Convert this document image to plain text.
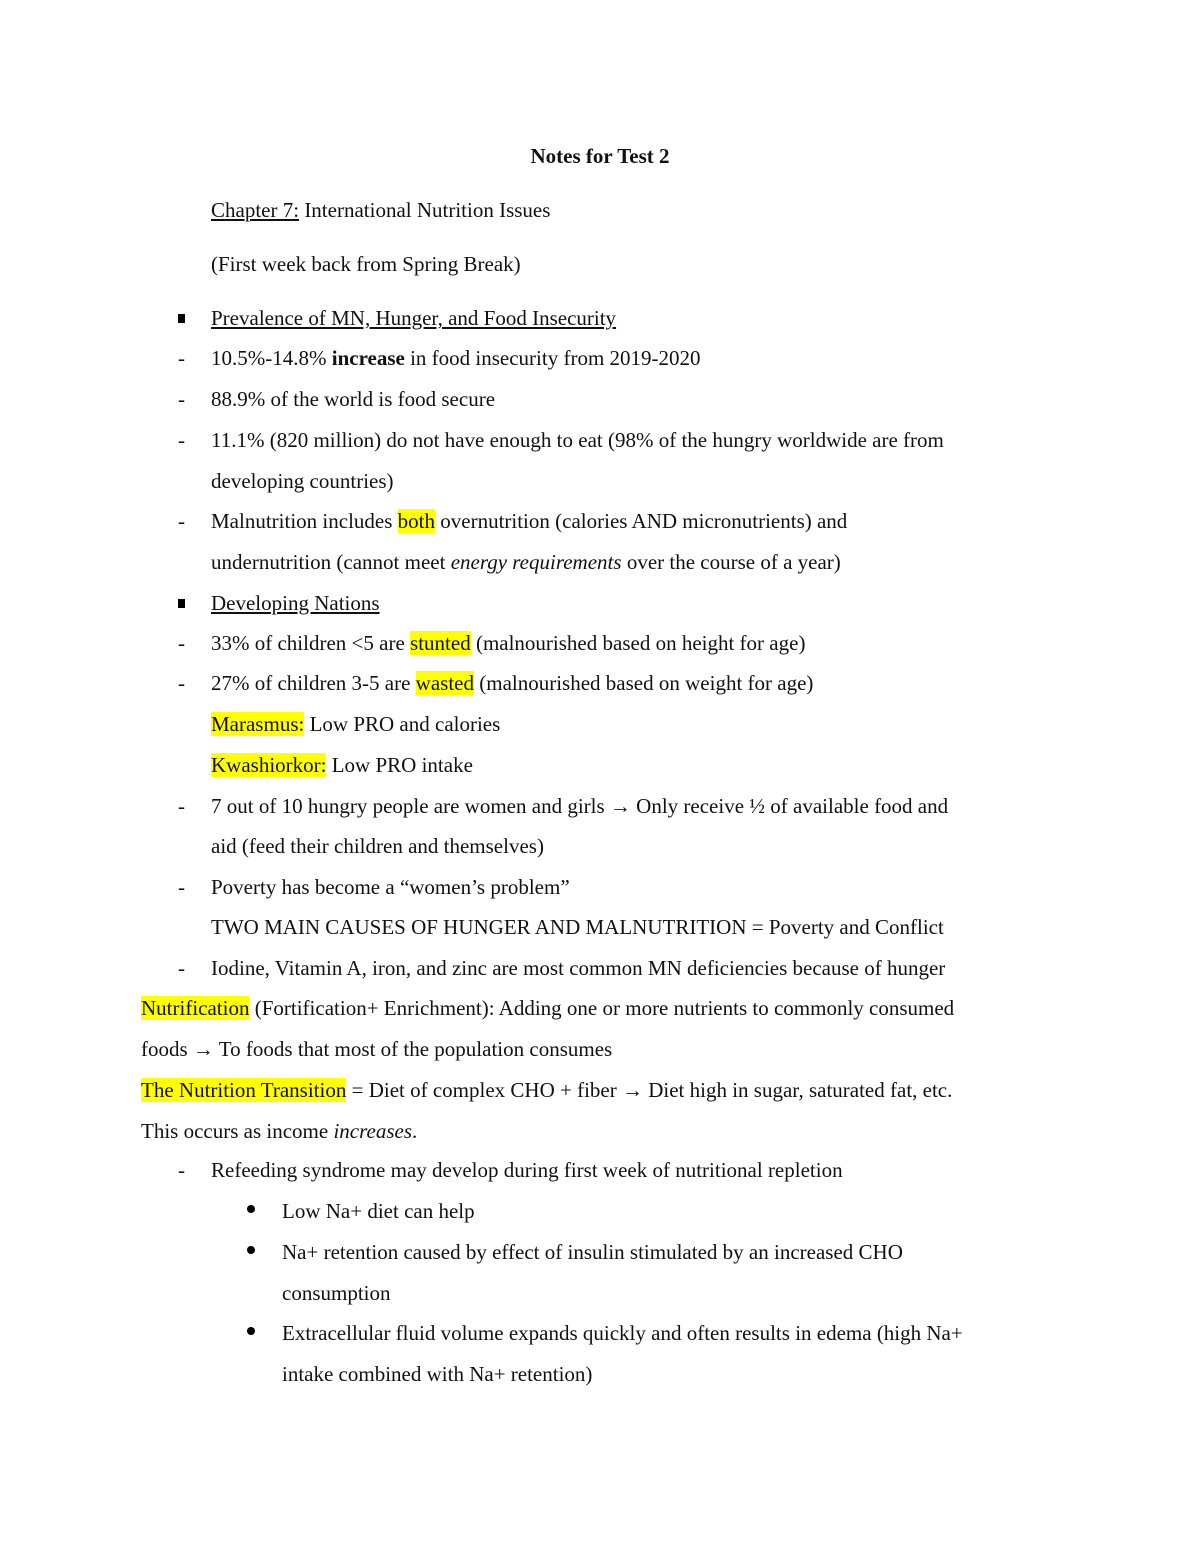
Notes for Test 2
Chapter 7: International Nutrition Issues
(First week back from Spring Break)
Prevalence of MN, Hunger, and Food Insecurity
- 10.5%-14.8% increase in food insecurity from 2019-2020
- 88.9% of the world is food secure
- 11.1% (820 million) do not have enough to eat (98% of the hungry worldwide are from
developing countries)
- Malnutrition includes both overnutrition (calories AND micronutrients) and
undernutrition (cannot meet energy requirements over the course of a year)
Developing Nations
- 33% of children <5 are stunted (malnourished based on height for age)
- 27% of children 3-5 are wasted (malnourished based on weight for age)
Marasmus: Low PRO and calories
Kwashiorkor: Low PRO intake
- 7 out of 10 hungry people are women and girls → Only receive ½ of available food and
aid (feed their children and themselves)
- Poverty has become a “women’s problem”
TWO MAIN CAUSES OF HUNGER AND MALNUTRITION = Poverty and Conflict
- Iodine, Vitamin A, iron, and zinc are most common MN deficiencies because of hunger
Nutrification (Fortification+ Enrichment): Adding one or more nutrients to commonly consumed
foods → To foods that most of the population consumes
The Nutrition Transition = Diet of complex CHO + fiber → Diet high in sugar, saturated fat, etc.
This occurs as income increases.
- Refeeding syndrome may develop during first week of nutritional repletion
Low Na+ diet can help
Na+ retention caused by effect of insulin stimulated by an increased CHO
consumption
Extracellular fluid volume expands quickly and often results in edema (high Na+
intake combined with Na+ retention)
